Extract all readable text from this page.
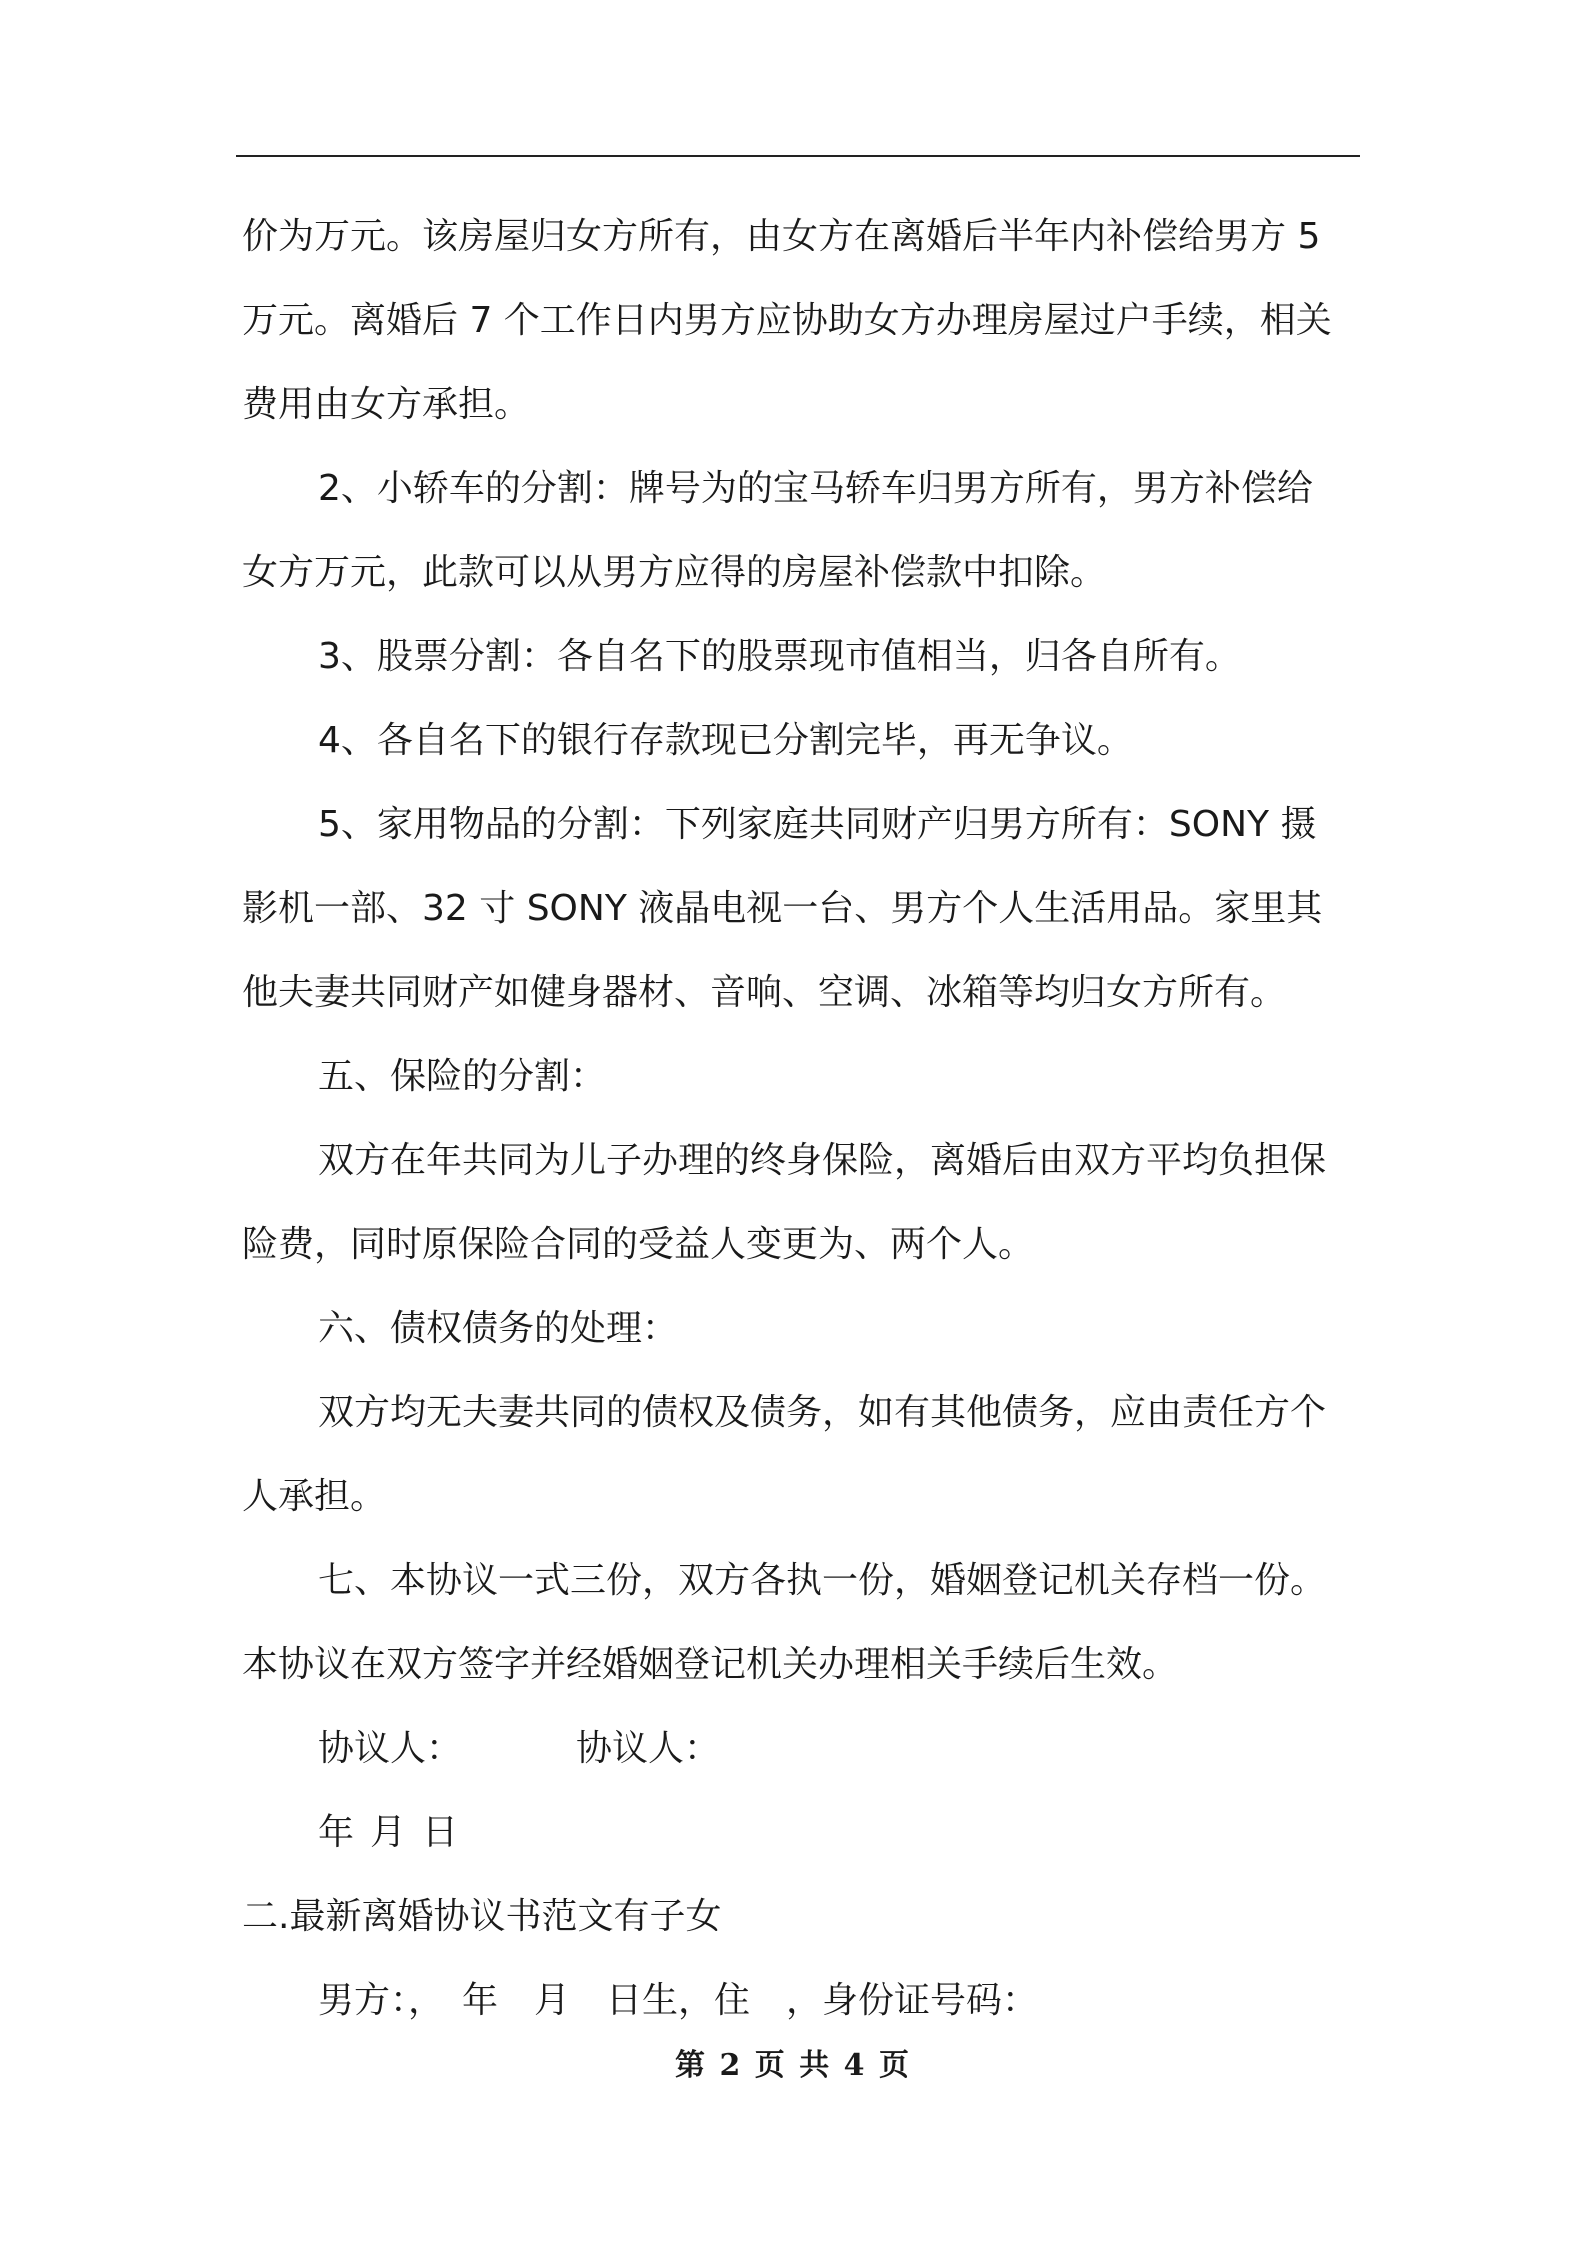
价为万元。该房屋归女方所有，由女方在离婚后半年内补偿给男方 5
万元。离婚后 7 个工作日内男方应协助女方办理房屋过户手续，相关
费用由女方承担。
2、小轿车的分割：牌号为的宝马轿车归男方所有，男方补偿给
女方万元，此款可以从男方应得的房屋补偿款中扣除。
3、股票分割：各自名下的股票现市值相当，归各自所有。
4、各自名下的银行存款现已分割完毕，再无争议。
5、家用物品的分割：下列家庭共同财产归男方所有：SONY 摄
影机一部、32 寸 SONY 液晶电视一台、男方个人生活用品。家里其
他夫妻共同财产如健身器材、音响、空调、冰箱等均归女方所有。
五、保险的分割：
双方在年共同为儿子办理的终身保险，离婚后由双方平均负担保
险费，同时原保险合同的受益人变更为、两个人。
六、债权债务的处理：
双方均无夫妻共同的债权及债务，如有其他债务，应由责任方个
人承担。
七、本协议一式三份，双方各执一份，婚姻登记机关存档一份。
本协议在双方签字并经婚姻登记机关办理相关手续后生效。
协议人：	协议人：
年 月 日
二.最新离婚协议书范文有子女
男方：，　年　月　日生，住　，身份证号码：
第 2 页 共 4 页
